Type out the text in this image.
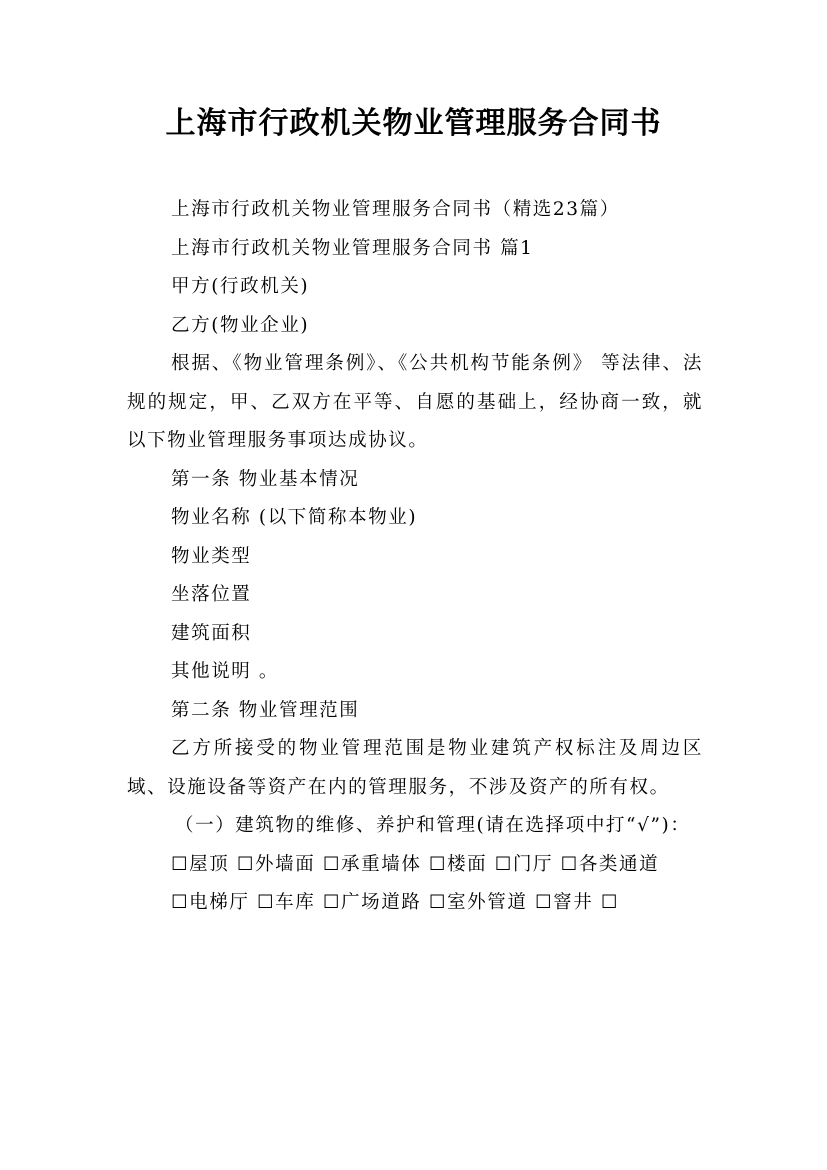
上海市行政机关物业管理服务合同书

上海市行政机关物业管理服务合同书（精选23篇）

上海市行政机关物业管理服务合同书 篇1

甲方(行政机关)

乙方(物业企业)

根据、《物业管理条例》、《公共机构节能条例》 等法律、法规的规定，甲、乙双方在平等、自愿的基础上，经协商一致，就以下物业管理服务事项达成协议。

第一条 物业基本情况

物业名称 (以下简称本物业)

物业类型

坐落位置

建筑面积

其他说明 。

第二条 物业管理范围

乙方所接受的物业管理范围是物业建筑产权标注及周边区域、设施设备等资产在内的管理服务，不涉及资产的所有权。

（一）建筑物的维修、养护和管理(请在选择项中打“√”)：

☐屋顶 ☐外墙面 ☐承重墙体 ☐楼面 ☐门厅 ☐各类通道

☐电梯厅 ☐车库 ☐广场道路 ☐室外管道 ☐窨井 ☐
